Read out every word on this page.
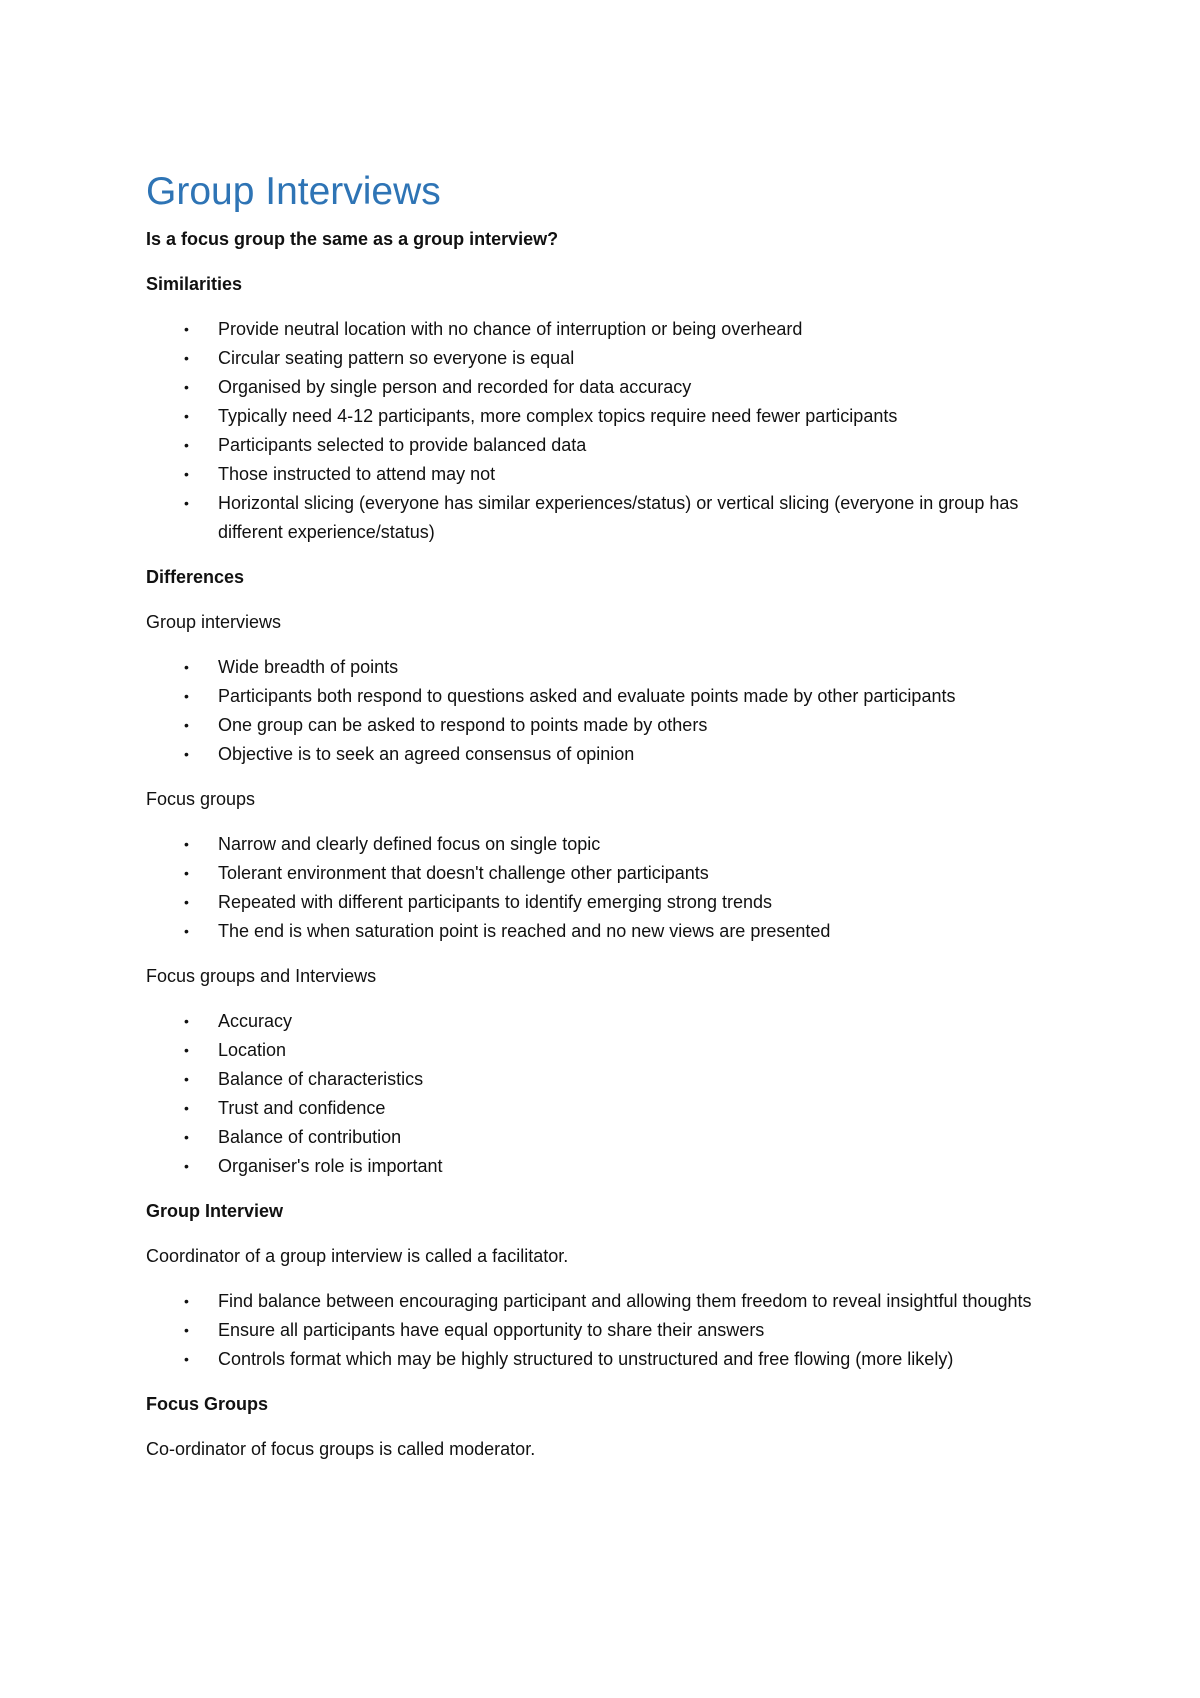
Group Interviews

Is a focus group the same as a group interview?

Similarities

• Provide neutral location with no chance of interruption or being overheard
• Circular seating pattern so everyone is equal
• Organised by single person and recorded for data accuracy
• Typically need 4-12 participants, more complex topics require need fewer participants
• Participants selected to provide balanced data
• Those instructed to attend may not
• Horizontal slicing (everyone has similar experiences/status) or vertical slicing (everyone in group has different experience/status)

Differences

Group interviews

• Wide breadth of points
• Participants both respond to questions asked and evaluate points made by other participants
• One group can be asked to respond to points made by others
• Objective is to seek an agreed consensus of opinion

Focus groups

• Narrow and clearly defined focus on single topic
• Tolerant environment that doesn't challenge other participants
• Repeated with different participants to identify emerging strong trends
• The end is when saturation point is reached and no new views are presented

Focus groups and Interviews

• Accuracy
• Location
• Balance of characteristics
• Trust and confidence
• Balance of contribution
• Organiser's role is important

Group Interview

Coordinator of a group interview is called a facilitator.

• Find balance between encouraging participant and allowing them freedom to reveal insightful thoughts
• Ensure all participants have equal opportunity to share their answers
• Controls format which may be highly structured to unstructured and free flowing (more likely)

Focus Groups

Co-ordinator of focus groups is called moderator.
